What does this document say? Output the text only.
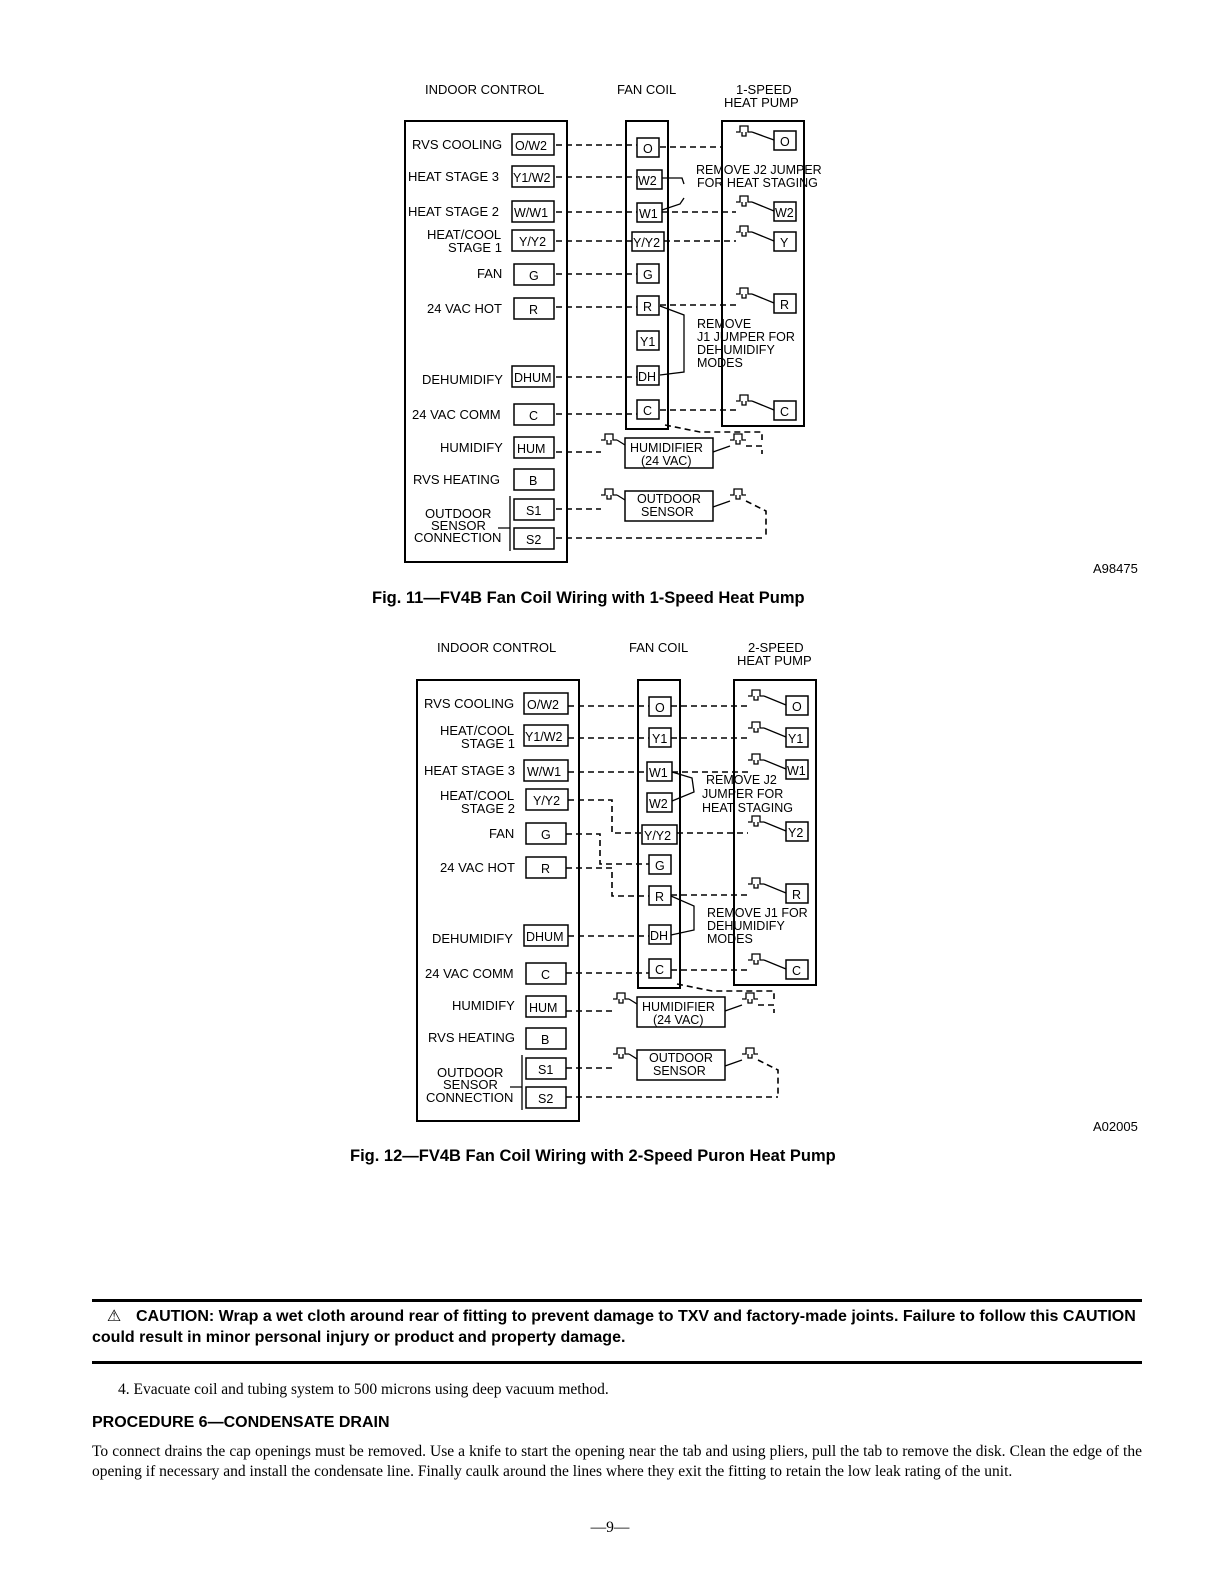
INDOOR CONTROL	FAN COIL	1-SPEED
HEAT PUMP
RVS COOLING
HEAT STAGE 3
HEAT STAGE 2
HEAT/COOL
STAGE 1
FAN
24 VAC HOT
DEHUMIDIFY
24 VAC COMM
HUMIDIFY
RVS HEATING
OUTDOOR
SENSOR
CONNECTION
O/W2
Y1/W2
W/W1
Y/Y2
G
R
DHUM
C
HUM
B
S1
S2
O
W2
W1
Y/Y2
G
R
Y1
DH
C
O
W2
Y
R
C
REMOVE J2 JUMPER
FOR HEAT STAGING
REMOVE
J1 JUMPER FOR
DEHUMIDIFY
MODES
HUMIDIFIER
(24 VAC)
OUTDOOR
SENSOR
A98475
INDOOR CONTROL	FAN COIL	2-SPEED
HEAT PUMP
RVS COOLING
HEAT/COOL
STAGE 1
HEAT STAGE 3
HEAT/COOL
STAGE 2
FAN
24 VAC HOT
DEHUMIDIFY
24 VAC COMM
HUMIDIFY
RVS HEATING
OUTDOOR
SENSOR
CONNECTION
O/W2
Y1/W2
W/W1
Y/Y2
G
R
DHUM
C
HUM
B
S1
S2
O
Y1
W1
W2
Y/Y2
G
R
DH
C
O
Y1
W1
Y2
R
C
REMOVE J2
JUMPER FOR
HEAT STAGING
REMOVE J1 FOR
DEHUMIDIFY
MODES
HUMIDIFIER
(24 VAC)
OUTDOOR
SENSOR
A02005
Fig. 11—FV4B Fan Coil Wiring with 1-Speed Heat Pump
Fig. 12—FV4B Fan Coil Wiring with 2-Speed Puron Heat Pump
⚠ CAUTION: Wrap a wet cloth around rear of fitting to prevent damage to TXV and factory-made joints. Failure to follow this CAUTION could result in minor personal injury or product and property damage.
4. Evacuate coil and tubing system to 500 microns using deep vacuum method.
PROCEDURE 6—CONDENSATE DRAIN
To connect drains the cap openings must be removed. Use a knife to start the opening near the tab and using pliers, pull the tab to remove the disk. Clean the edge of the opening if necessary and install the condensate line. Finally caulk around the lines where they exit the fitting to retain the low leak rating of the unit.
—9—
